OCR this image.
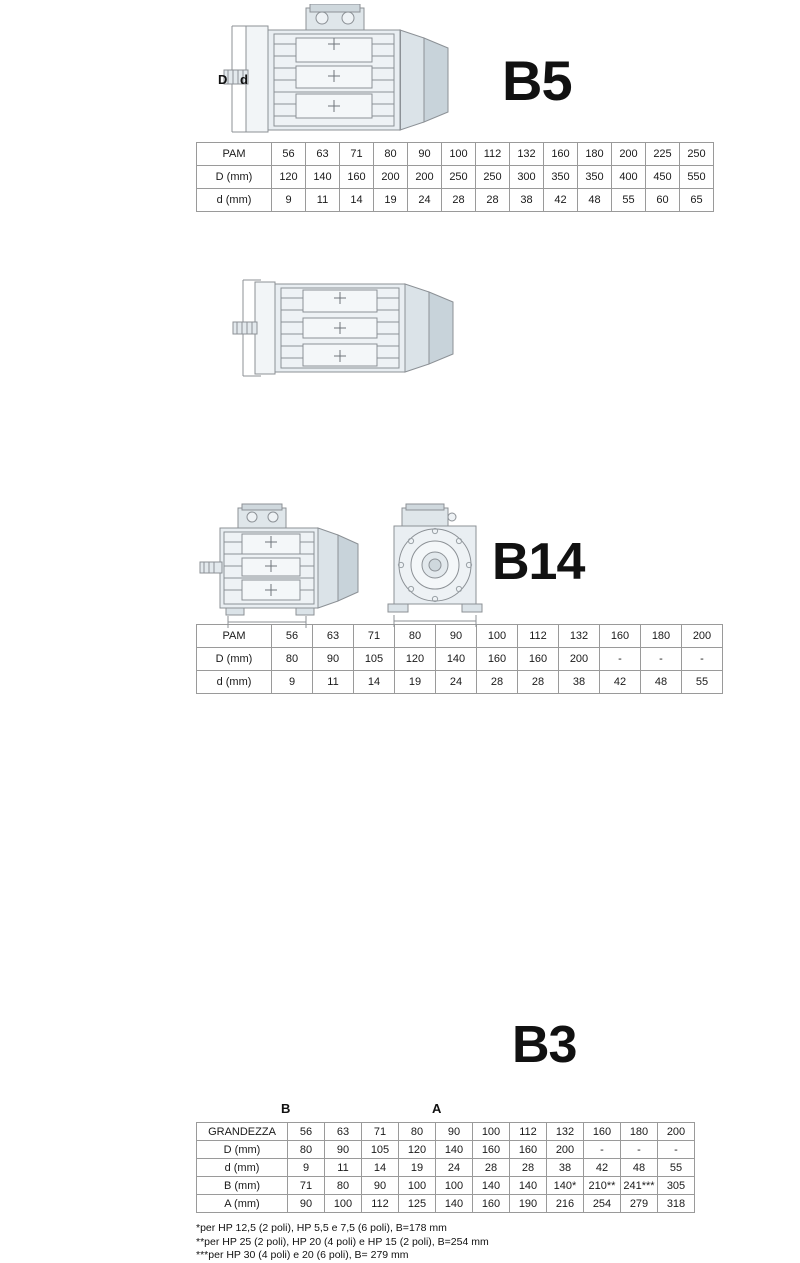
D d	B5
PAM	56	63	71	80	90	100	112	132	160	180	200	225	250
D (mm)	120	140	160	200	200	250	250	300	350	350	400	450	550
d (mm)	9	11	14	19	24	28	28	38	42	48	55	60	65
B14
PAM	56	63	71	80	90	100	112	132	160	180	200
D (mm)	80	90	105	120	140	160	160	200	-	-	-
d (mm)	9	11	14	19	24	28	28	38	42	48	55
B	A
B3
GRANDEZZA	56	63	71	80	90	100	112	132	160	180	200
D (mm)	80	90	105	120	140	160	160	200	-	-	-
d (mm)	9	11	14	19	24	28	28	38	42	48	55
B (mm)	71	80	90	100	100	140	140	140*	210**	241***	305
A (mm)	90	100	112	125	140	160	190	216	254	279	318
*per HP 12,5 (2 poli), HP 5,5 e 7,5 (6 poli), B=178 mm
**per HP 25 (2 poli), HP 20 (4 poli) e HP 15 (2 poli), B=254 mm
***per HP 30 (4 poli) e 20 (6 poli), B= 279 mm
